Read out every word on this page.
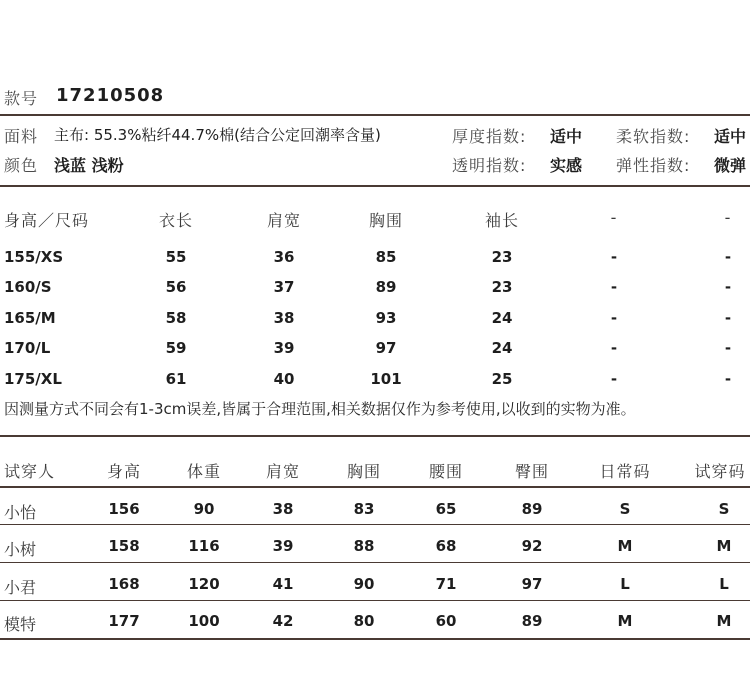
款号 17210508
面料 主布: 55.3%粘纤44.7%棉(结合公定回潮率含量)	厚度指数: 适中 柔软指数: 适中
颜色 浅蓝 浅粉	透明指数: 实感 弹性指数: 微弹
身高／尺码	衣长	肩宽	胸围	袖长	-	-
155/XS	55	36	85	23	-	-
160/S	56	37	89	23	-	-
165/M	58	38	93	24	-	-
170/L	59	39	97	24	-	-
175/XL	61	40	101	25	-	-
因测量方式不同会有1-3cm误差,皆属于合理范围,相关数据仅作为参考使用,以收到的实物为准。
试穿人	身高	体重	肩宽	胸围	腰围	臀围	日常码	试穿码
小怡	156	90	38	83	65	89	S	S
小树	158	116	39	88	68	92	M	M
小君	168	120	41	90	71	97	L	L
模特	177	100	42	80	60	89	M	M
